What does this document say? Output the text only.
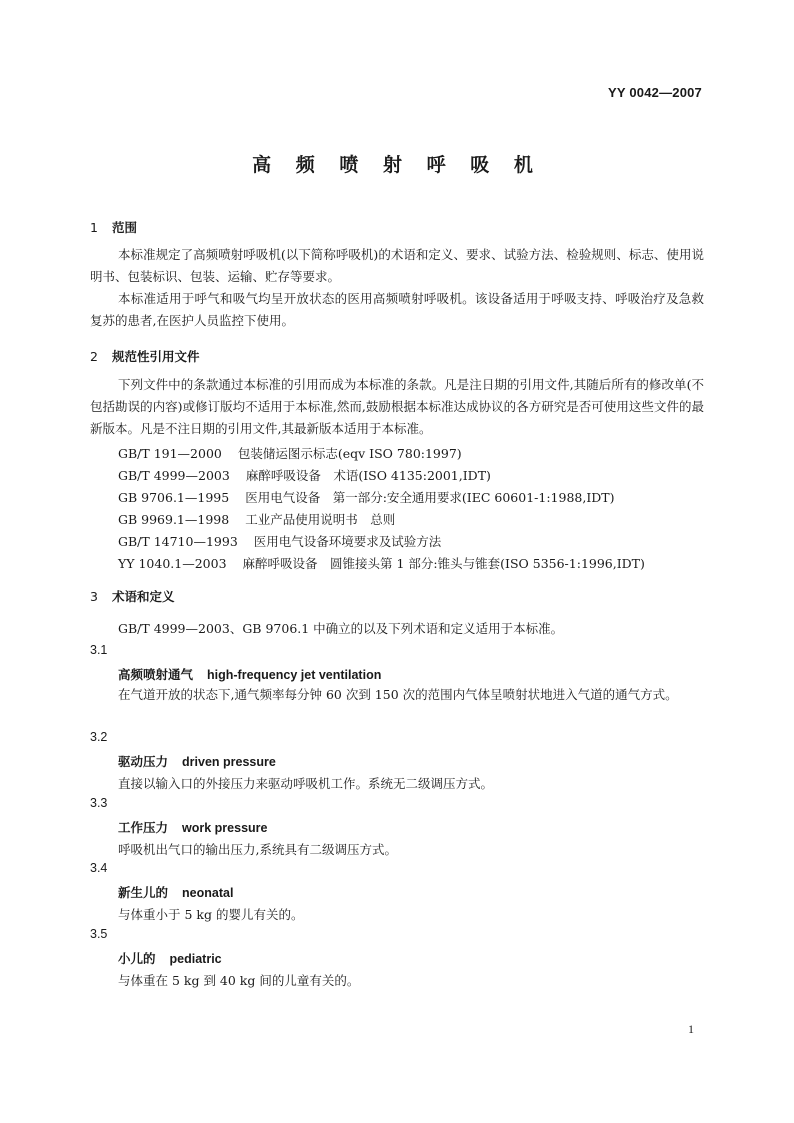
YY 0042—2007
高 频 喷 射 呼 吸 机
1 范围
本标准规定了高频喷射呼吸机(以下简称呼吸机)的术语和定义、要求、试验方法、检验规则、标志、使用说明书、包装标识、包装、运输、贮存等要求。
本标准适用于呼气和吸气均呈开放状态的医用高频喷射呼吸机。该设备适用于呼吸支持、呼吸治疗及急救复苏的患者,在医护人员监控下使用。
2 规范性引用文件
下列文件中的条款通过本标准的引用而成为本标准的条款。凡是注日期的引用文件,其随后所有的修改单(不包括勘误的内容)或修订版均不适用于本标准,然而,鼓励根据本标准达成协议的各方研究是否可使用这些文件的最新版本。凡是不注日期的引用文件,其最新版本适用于本标准。
GB/T 191—2000 包装储运图示标志(eqv ISO 780:1997)
GB/T 4999—2003 麻醉呼吸设备　术语(ISO 4135:2001,IDT)
GB 9706.1—1995 医用电气设备　第一部分:安全通用要求(IEC 60601-1:1988,IDT)
GB 9969.1—1998 工业产品使用说明书　总则
GB/T 14710—1993 医用电气设备环境要求及试验方法
YY 1040.1—2003 麻醉呼吸设备　圆锥接头第 1 部分:锥头与锥套(ISO 5356-1:1996,IDT)
3 术语和定义
GB/T 4999—2003、GB 9706.1 中确立的以及下列术语和定义适用于本标准。
3.1
高频喷射通气 high-frequency jet ventilation
在气道开放的状态下,通气频率每分钟 60 次到 150 次的范围内气体呈喷射状地进入气道的通气方式。
3.2
驱动压力 driven pressure
直接以输入口的外接压力来驱动呼吸机工作。系统无二级调压方式。
3.3
工作压力 work pressure
呼吸机出气口的输出压力,系统具有二级调压方式。
3.4
新生儿的 neonatal
与体重小于 5 kg 的婴儿有关的。
3.5
小儿的 pediatric
与体重在 5 kg 到 40 kg 间的儿童有关的。
1
